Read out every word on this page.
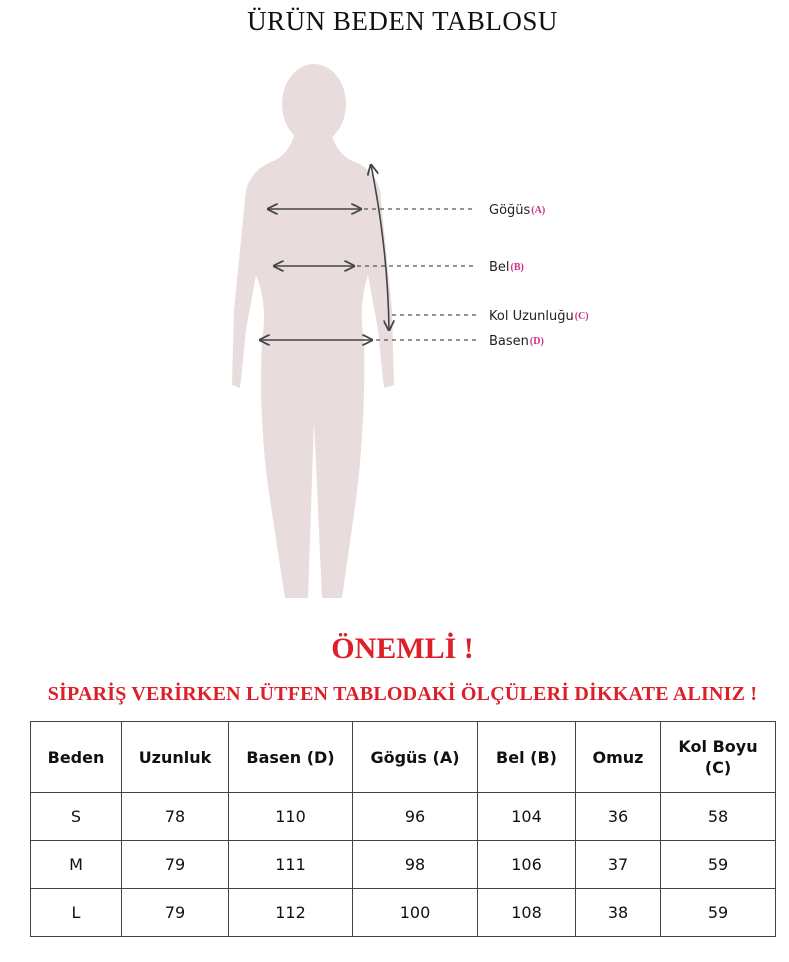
ÜRÜN BEDEN TABLOSU
Göğüs(A)
Bel(B)
Kol Uzunluğu(C)
Basen(D)
ÖNEMLİ !
SİPARİŞ VERİRKEN LÜTFEN TABLODAKİ ÖLÇÜLERİ DİKKATE ALINIZ !
Beden	Uzunluk	Basen (D)	Gögüs (A)	Bel (B)	Omuz	Kol Boyu (C)
S	78	110	96	104	36	58
M	79	111	98	106	37	59
L	79	112	100	108	38	59
